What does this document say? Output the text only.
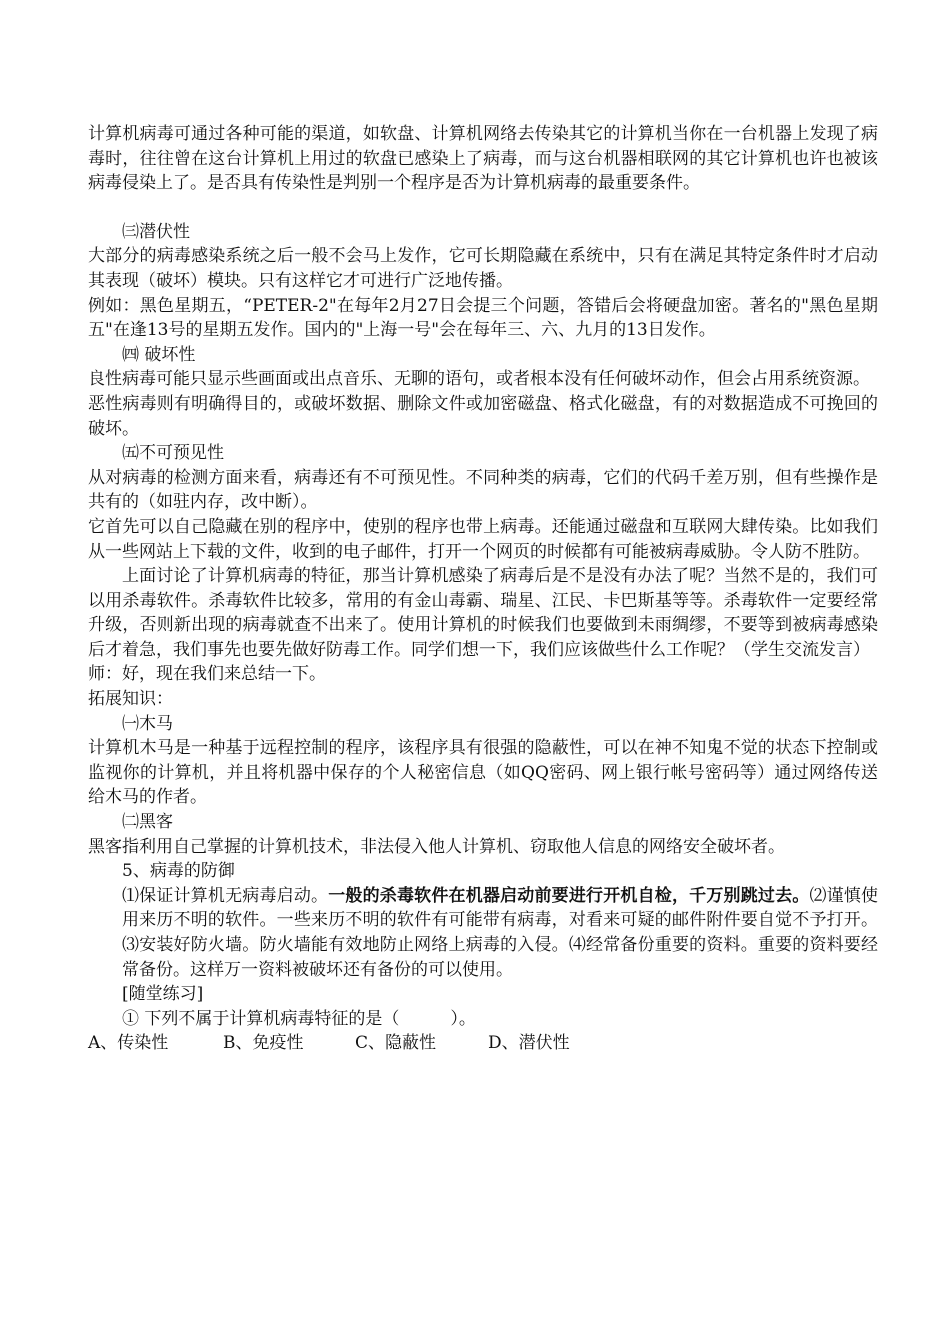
计算机病毒可通过各种可能的渠道，如软盘、计算机网络去传染其它的计算机当你在一台机器上发现了病毒时，往往曾在这台计算机上用过的软盘已感染上了病毒，而与这台机器相联网的其它计算机也许也被该病毒侵染上了。是否具有传染性是判别一个程序是否为计算机病毒的最重要条件。

㈢潜伏性

大部分的病毒感染系统之后一般不会马上发作，它可长期隐藏在系统中，只有在满足其特定条件时才启动其表现（破坏）模块。只有这样它才可进行广泛地传播。

例如：黑色星期五，“PETER-2"在每年2月27日会提三个问题，答错后会将硬盘加密。著名的"黑色星期五"在逢13号的星期五发作。国内的"上海一号"会在每年三、六、九月的13日发作。

㈣ 破坏性

良性病毒可能只显示些画面或出点音乐、无聊的语句，或者根本没有任何破坏动作，但会占用系统资源。

恶性病毒则有明确得目的，或破坏数据、删除文件或加密磁盘、格式化磁盘，有的对数据造成不可挽回的破坏。

㈤不可预见性

从对病毒的检测方面来看，病毒还有不可预见性。不同种类的病毒，它们的代码千差万别，但有些操作是共有的（如驻内存，改中断）。

它首先可以自己隐藏在别的程序中，使别的程序也带上病毒。还能通过磁盘和互联网大肆传染。比如我们从一些网站上下载的文件，收到的电子邮件，打开一个网页的时候都有可能被病毒威胁。令人防不胜防。

上面讨论了计算机病毒的特征，那当计算机感染了病毒后是不是没有办法了呢？当然不是的，我们可以用杀毒软件。杀毒软件比较多，常用的有金山毒霸、瑞星、江民、卡巴斯基等等。杀毒软件一定要经常升级，否则新出现的病毒就查不出来了。使用计算机的时候我们也要做到未雨绸缪，不要等到被病毒感染后才着急，我们事先也要先做好防毒工作。同学们想一下，我们应该做些什么工作呢？（学生交流发言）

师：好，现在我们来总结一下。

拓展知识：

㈠木马

计算机木马是一种基于远程控制的程序，该程序具有很强的隐蔽性，可以在神不知鬼不觉的状态下控制或监视你的计算机，并且将机器中保存的个人秘密信息（如QQ密码、网上银行帐号密码等）通过网络传送给木马的作者。

㈡黑客

黑客指利用自己掌握的计算机技术，非法侵入他人计算机、窃取他人信息的网络安全破坏者。

5、病毒的防御

⑴保证计算机无病毒启动。一般的杀毒软件在机器启动前要进行开机自检，千万别跳过去。⑵谨慎使用来历不明的软件。一些来历不明的软件有可能带有病毒，对看来可疑的邮件附件要自觉不予打开。⑶安装好防火墙。防火墙能有效地防止网络上病毒的入侵。⑷经常备份重要的资料。重要的资料要经常备份。这样万一资料被破坏还有备份的可以使用。

[随堂练习]

① 下列不属于计算机病毒特征的是（　　　）。

A、传染性	B、免疫性	C、隐蔽性	D、潜伏性
